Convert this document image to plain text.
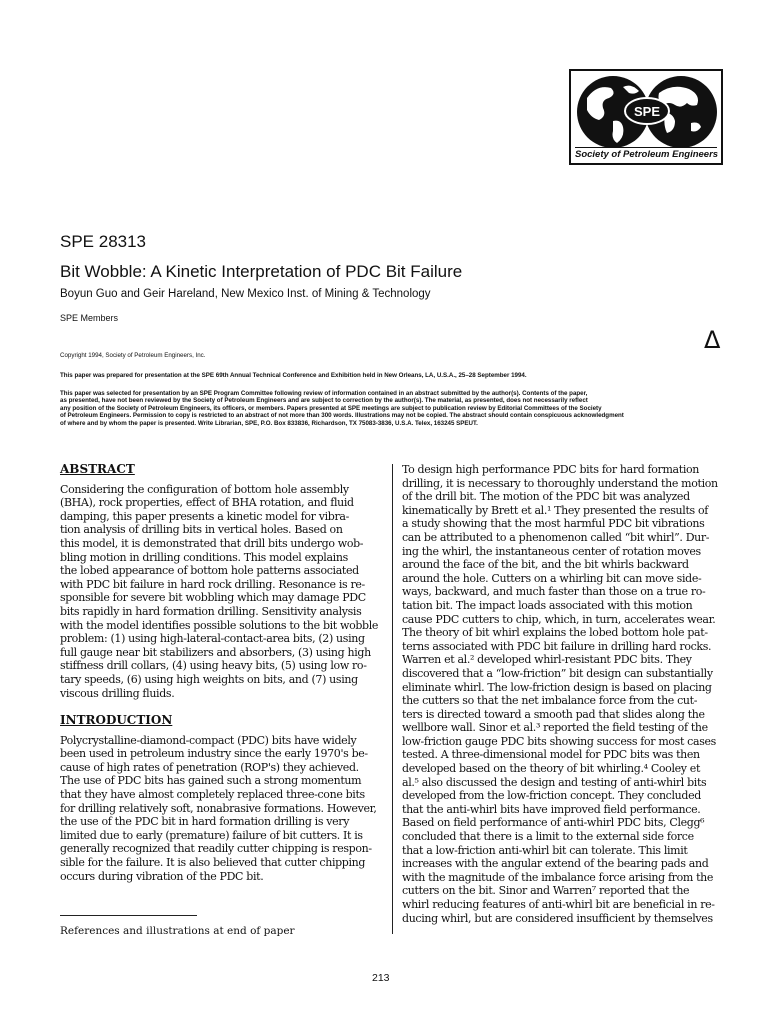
SPE
Society of Petroleum Engineers
SPE 28313
Bit Wobble: A Kinetic Interpretation of PDC Bit Failure
Boyun Guo and Geir Hareland, New Mexico Inst. of Mining & Technology
SPE Members
Δ
Copyright 1994, Society of Petroleum Engineers, Inc.
This paper was prepared for presentation at the SPE 69th Annual Technical Conference and Exhibition held in New Orleans, LA, U.S.A., 25–28 September 1994.
This paper was selected for presentation by an SPE Program Committee following review of information contained in an abstract submitted by the author(s). Contents of the paper,
as presented, have not been reviewed by the Society of Petroleum Engineers and are subject to correction by the author(s). The material, as presented, does not necessarily reflect
any position of the Society of Petroleum Engineers, its officers, or members. Papers presented at SPE meetings are subject to publication review by Editorial Committees of the Society
of Petroleum Engineers. Permission to copy is restricted to an abstract of not more than 300 words. Illustrations may not be copied. The abstract should contain conspicuous acknowledgment
of where and by whom the paper is presented. Write Librarian, SPE, P.O. Box 833836, Richardson, TX 75083-3836, U.S.A. Telex, 163245 SPEUT.
ABSTRACT
Considering the configuration of bottom hole assembly
(BHA), rock properties, effect of BHA rotation, and fluid
damping, this paper presents a kinetic model for vibra-
tion analysis of drilling bits in vertical holes. Based on
this model, it is demonstrated that drill bits undergo wob-
bling motion in drilling conditions. This model explains
the lobed appearance of bottom hole patterns associated
with PDC bit failure in hard rock drilling. Resonance is re-
sponsible for severe bit wobbling which may damage PDC
bits rapidly in hard formation drilling. Sensitivity analysis
with the model identifies possible solutions to the bit wobble
problem: (1) using high-lateral-contact-area bits, (2) using
full gauge near bit stabilizers and absorbers, (3) using high
stiffness drill collars, (4) using heavy bits, (5) using low ro-
tary speeds, (6) using high weights on bits, and (7) using
viscous drilling fluids.
INTRODUCTION
Polycrystalline-diamond-compact (PDC) bits have widely
been used in petroleum industry since the early 1970's be-
cause of high rates of penetration (ROP's) they achieved.
The use of PDC bits has gained such a strong momentum
that they have almost completely replaced three-cone bits
for drilling relatively soft, nonabrasive formations. However,
the use of the PDC bit in hard formation drilling is very
limited due to early (premature) failure of bit cutters. It is
generally recognized that readily cutter chipping is respon-
sible for the failure. It is also believed that cutter chipping
occurs during vibration of the PDC bit.
To design high performance PDC bits for hard formation
drilling, it is necessary to thoroughly understand the motion
of the drill bit. The motion of the PDC bit was analyzed
kinematically by Brett et al.¹ They presented the results of
a study showing that the most harmful PDC bit vibrations
can be attributed to a phenomenon called “bit whirl”. Dur-
ing the whirl, the instantaneous center of rotation moves
around the face of the bit, and the bit whirls backward
around the hole. Cutters on a whirling bit can move side-
ways, backward, and much faster than those on a true ro-
tation bit. The impact loads associated with this motion
cause PDC cutters to chip, which, in turn, accelerates wear.
The theory of bit whirl explains the lobed bottom hole pat-
terns associated with PDC bit failure in drilling hard rocks.
Warren et al.² developed whirl-resistant PDC bits. They
discovered that a “low-friction” bit design can substantially
eliminate whirl. The low-friction design is based on placing
the cutters so that the net imbalance force from the cut-
ters is directed toward a smooth pad that slides along the
wellbore wall. Sinor et al.³ reported the field testing of the
low-friction gauge PDC bits showing success for most cases
tested. A three-dimensional model for PDC bits was then
developed based on the theory of bit whirling.⁴ Cooley et
al.⁵ also discussed the design and testing of anti-whirl bits
developed from the low-friction concept. They concluded
that the anti-whirl bits have improved field performance.
Based on field performance of anti-whirl PDC bits, Clegg⁶
concluded that there is a limit to the external side force
that a low-friction anti-whirl bit can tolerate. This limit
increases with the angular extend of the bearing pads and
with the magnitude of the imbalance force arising from the
cutters on the bit. Sinor and Warren⁷ reported that the
whirl reducing features of anti-whirl bit are beneficial in re-
ducing whirl, but are considered insufficient by themselves
References and illustrations at end of paper
213
